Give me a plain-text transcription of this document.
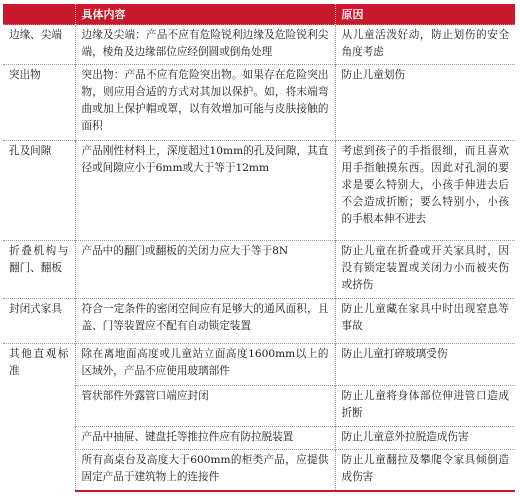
	具体内容	原因
边缘、尖端	边缘及尖端：产品不应有危险锐利边缘及危险锐利尖端，棱角及边缘部位应经倒圆或倒角处理	从儿童活泼好动，防止划伤的安全角度考虑
突出物	突出物：产品不应有危险突出物。如果存在危险突出物，则应用合适的方式对其加以保护。如，将末端弯曲或加上保护帽或罩，以有效增加可能与皮肤接触的面积	防止儿童划伤
孔及间隙	产品刚性材料上，深度超过10mm的孔及间隙，其直径或间隙应小于6mm或大于等于12mm	考虑到孩子的手指很细，而且喜欢用手指触摸东西。因此对孔洞的要求是要么特别大，小孩手伸进去后不会造成折断；要么特别小，小孩的手根本伸不进去
折叠机构与翻门、翻板	产品中的翻门或翻板的关闭力应大于等于8N	防止儿童在折叠或开关家具时，因没有锁定装置或关闭力小而被夹伤或挤伤
封闭式家具	符合一定条件的密闭空间应有足够大的通风面积，且盖、门等装置应不配有自动锁定装置	防止儿童藏在家具中时出现窒息等事故
其他直观标准	除在离地面高度或儿童站立面高度1600mm以上的区域外，产品不应使用玻璃部件	防止儿童打碎玻璃受伤
	管状部件外露管口端应封闭	防止儿童将身体部位伸进管口造成折断
	产品中抽屉、键盘托等推拉件应有防拉脱装置	防止儿童意外拉脱造成伤害
	所有高桌台及高度大于600mm的柜类产品，应提供固定产品于建筑物上的连接件	防止儿童翻拉及攀爬令家具倾倒造成伤害
